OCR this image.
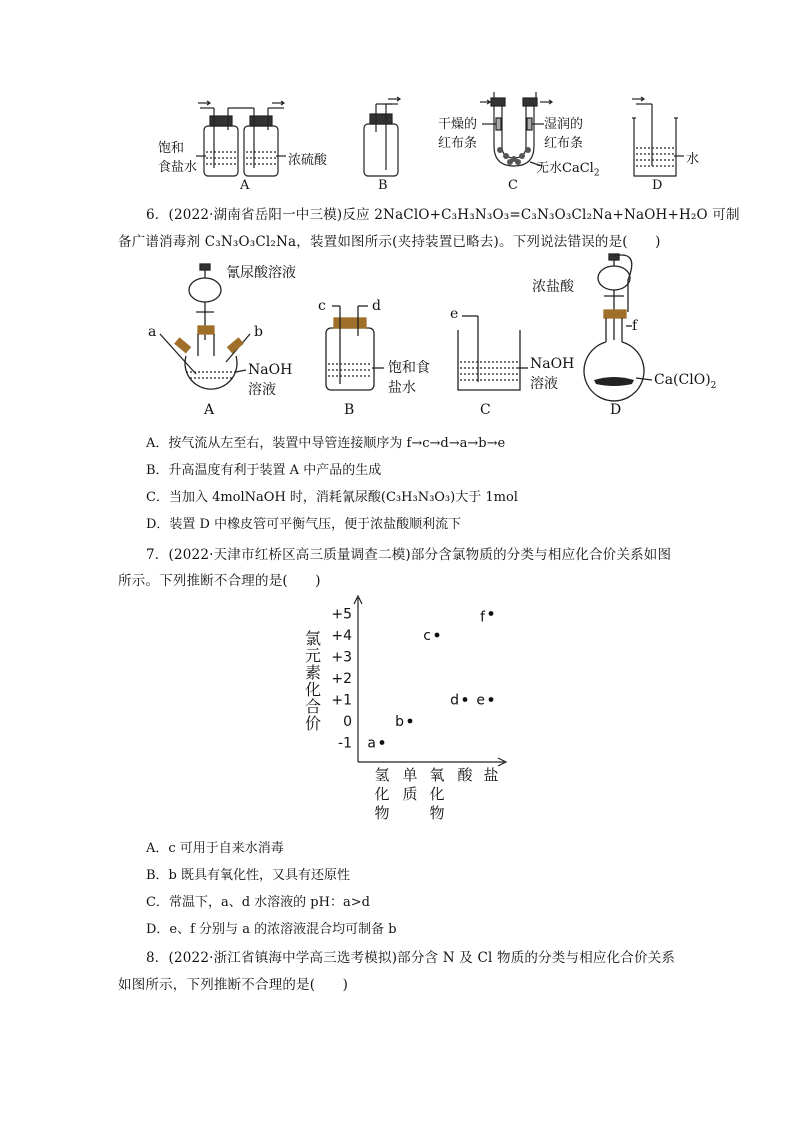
饱和
食盐水	浓硫酸
干燥的
红布条
湿润的
红布条
无水CaCl$_2$
水
A	B	C	D
6．(2022·湖南省岳阳一中三模)反应 2NaClO+C₃H₃N₃O₃=C₃N₃O₃Cl₂Na+NaOH+H₂O 可制
备广谱消毒剂 C₃N₃O₃Cl₂Na，装置如图所示(夹持装置已略去)。下列说法错误的是(　　)
氰尿酸溶液
a	b
NaOH
溶液
c	d
饱和食
盐水
e
NaOH
溶液
浓盐酸
f
$Ca(ClO)_2$
A	B	C	D
A．按气流从左至右，装置中导管连接顺序为 f→c→d→a→b→e
B．升高温度有利于装置 A 中产品的生成
C．当加入 4molNaOH 时，消耗氰尿酸(C₃H₃N₃O₃)大于 1mol
D．装置 D 中橡皮管可平衡气压，便于浓盐酸顺利流下
7．(2022·天津市红桥区高三质量调查二模)部分含氯物质的分类与相应化合价关系如图
所示。下列推断不合理的是(　　)
+5
+4
+3
+2
+1
0
-1
氢
化
物
单
质
氧
化
物
酸 盐
a
b
c
d e
f
氯
元
素
化
合
价
A．c 可用于自来水消毒
B．b 既具有氧化性，又具有还原性
C．常温下，a、d 水溶液的 pH：a>d
D．e、f 分别与 a 的浓溶液混合均可制备 b
8．(2022·浙江省镇海中学高三选考模拟)部分含 N 及 Cl 物质的分类与相应化合价关系
如图所示，下列推断不合理的是(　　)
